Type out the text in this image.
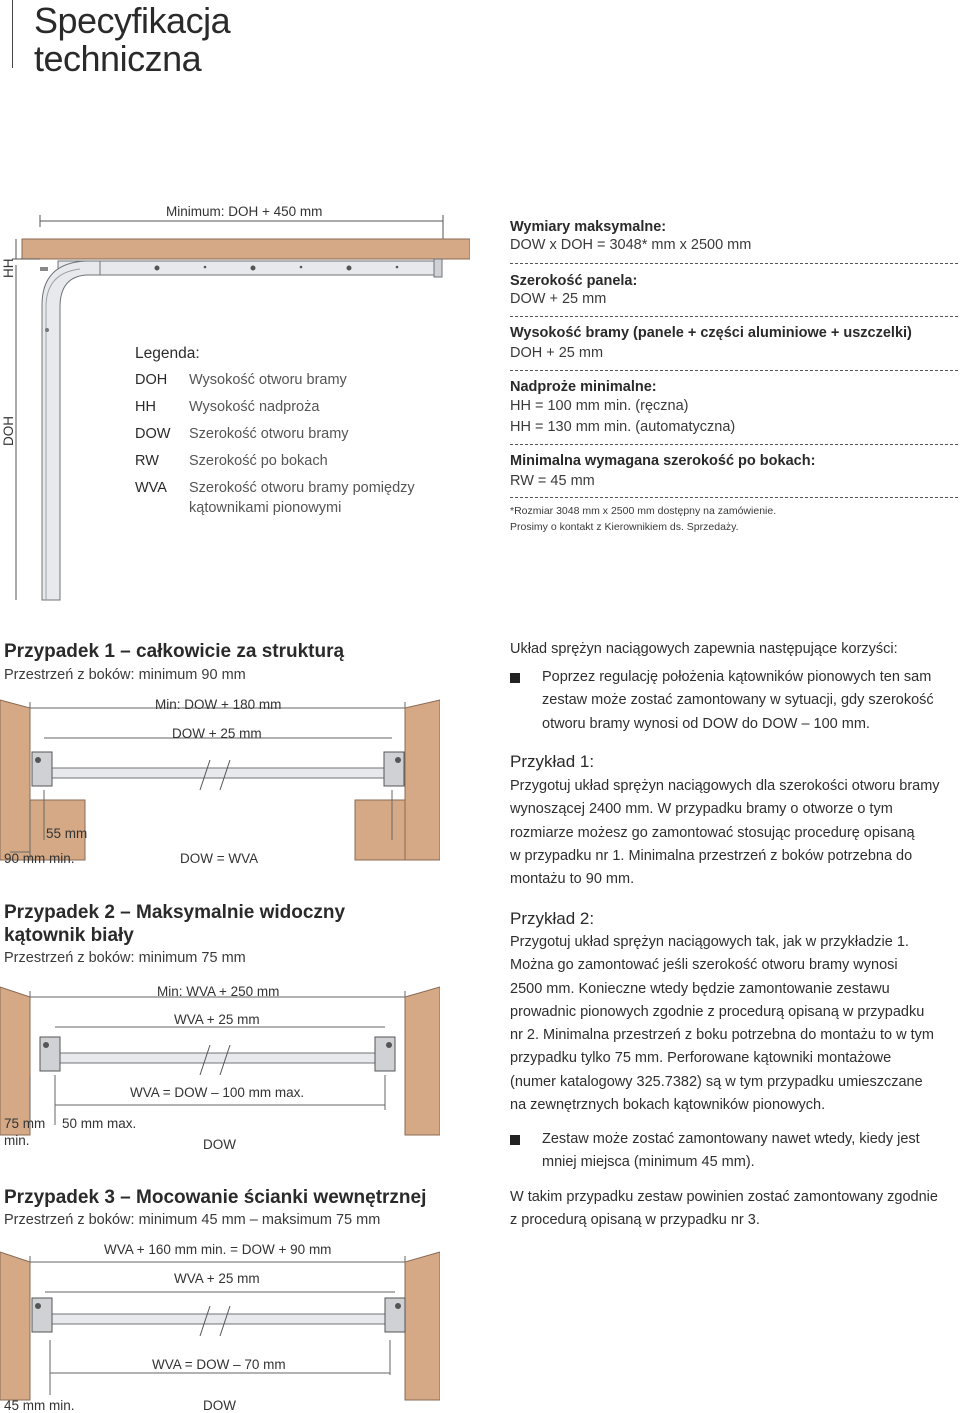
Specyfikacja
techniczna
Minimum: DOH + 450 mm
HH
DOH
Legenda:
DOH	Wysokość otworu bramy
HH	Wysokość nadproża
DOW	Szerokość otworu bramy
RW	Szerokość po bokach
WVA	Szerokość otworu bramy pomiędzy
kątownikami pionowymi
Wymiary maksymalne:
DOW x DOH = 3048* mm x 2500 mm
Szerokość panela:
DOW + 25 mm
Wysokość bramy (panele + części aluminiowe + uszczelki)
DOH + 25 mm
Nadproże minimalne:
HH = 100 mm min. (ręczna)
HH = 130 mm min. (automatyczna)
Minimalna wymagana szerokość po bokach:
RW = 45 mm
*Rozmiar 3048 mm x 2500 mm dostępny na zamówienie.
Prosimy o kontakt z Kierownikiem ds. Sprzedaży.
Przypadek 1 – całkowicie za strukturą
Przestrzeń z boków: minimum 90 mm
Min: DOW + 180 mm
DOW + 25 mm
55 mm
90 mm min.	DOW = WVA
Przypadek 2 – Maksymalnie widoczny
kątownik biały
Przestrzeń z boków: minimum 75 mm
Min: WVA + 250 mm
WVA + 25 mm
WVA = DOW – 100 mm max.
75 mm
min.
50 mm max.
DOW
Przypadek 3 – Mocowanie ścianki wewnętrznej
Przestrzeń z boków: minimum 45 mm – maksimum 75 mm
WVA + 160 mm min. = DOW + 90 mm
WVA + 25 mm
WVA = DOW – 70 mm
45 mm min.	DOW
Układ sprężyn naciągowych zapewnia następujące korzyści:
Poprzez regulację położenia kątowników pionowych ten sam
zestaw może zostać zamontowany w sytuacji, gdy szerokość
otworu bramy wynosi od DOW do DOW – 100 mm.
Przykład 1:
Przygotuj układ sprężyn naciągowych dla szerokości otworu bramy
wynoszącej 2400 mm. W przypadku bramy o otworze o tym
rozmiarze możesz go zamontować stosując procedurę opisaną
w przypadku nr 1. Minimalna przestrzeń z boków potrzebna do
montażu to 90 mm.
Przykład 2:
Przygotuj układ sprężyn naciągowych tak, jak w przykładzie 1.
Można go zamontować jeśli szerokość otworu bramy wynosi
2500 mm. Konieczne wtedy będzie zamontowanie zestawu
prowadnic pionowych zgodnie z procedurą opisaną w przypadku
nr 2. Minimalna przestrzeń z boku potrzebna do montażu to w tym
przypadku tylko 75 mm. Perforowane kątowniki montażowe
(numer katalogowy 325.7382) są w tym przypadku umieszczane
na zewnętrznych bokach kątowników pionowych.
Zestaw może zostać zamontowany nawet wtedy, kiedy jest
mniej miejsca (minimum 45 mm).
W takim przypadku zestaw powinien zostać zamontowany zgodnie
z procedurą opisaną w przypadku nr 3.
